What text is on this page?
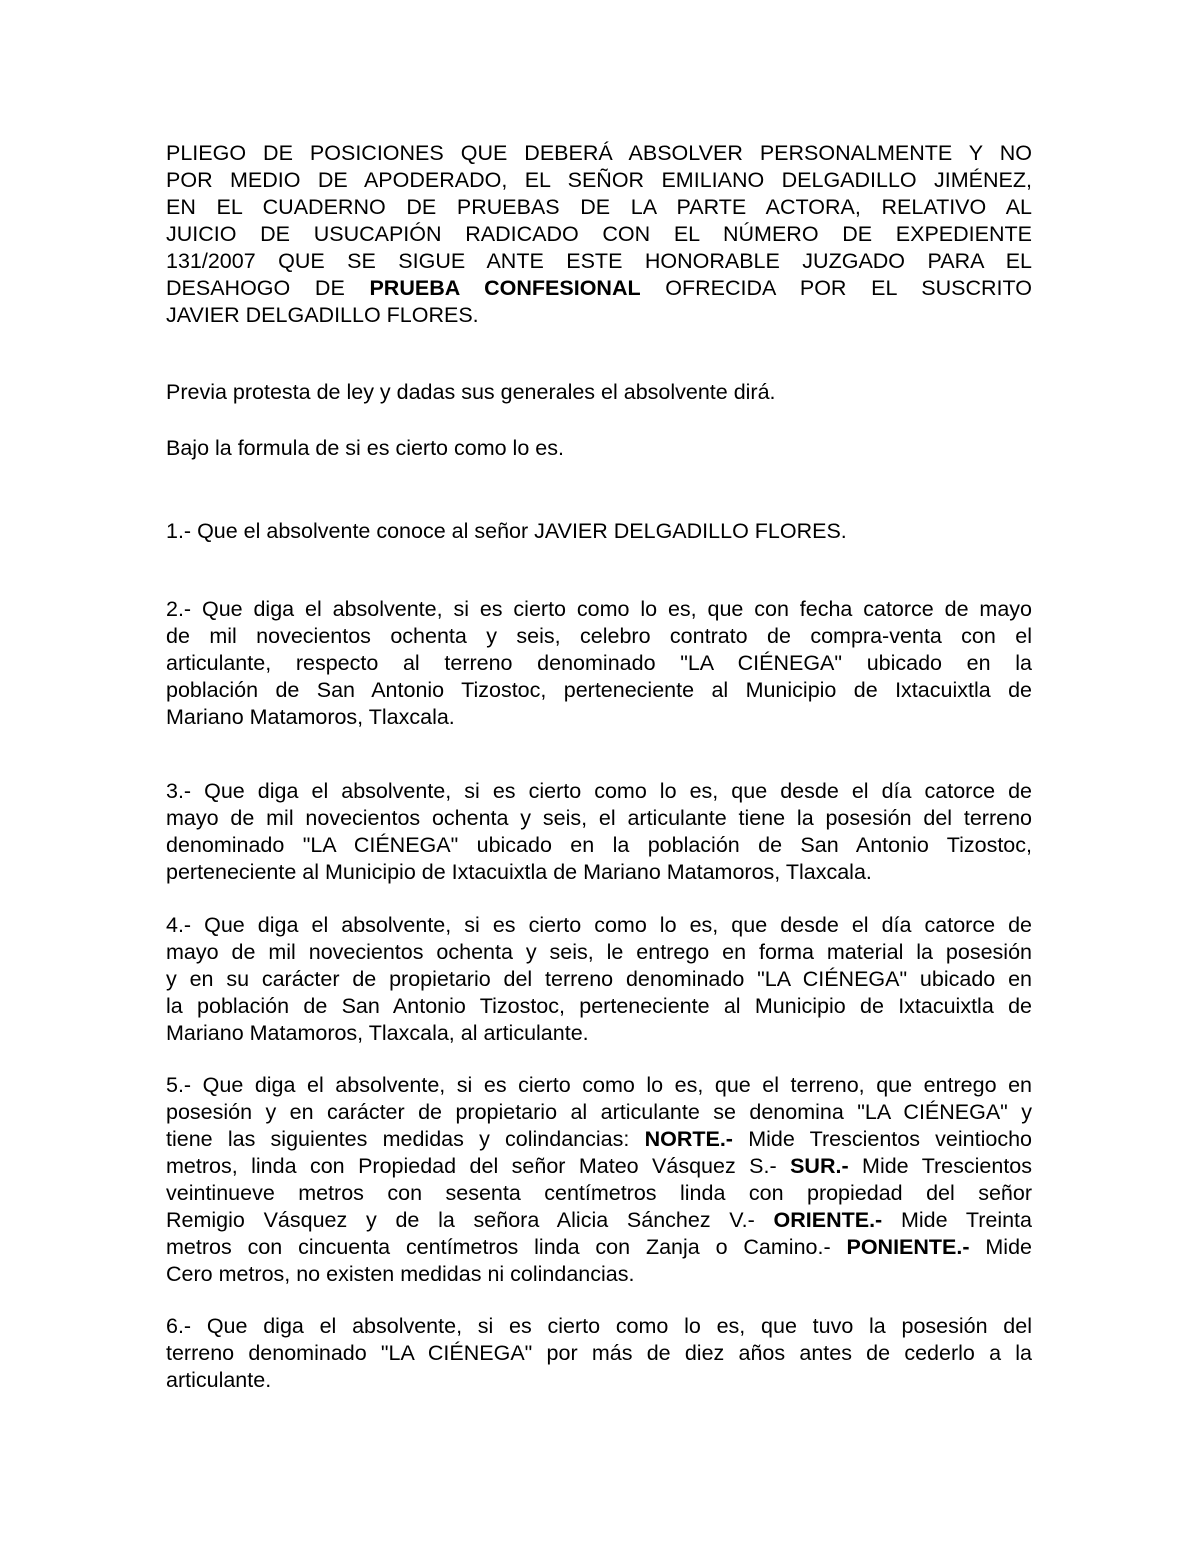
PLIEGO DE POSICIONES QUE DEBERÁ ABSOLVER PERSONALMENTE Y NO
POR MEDIO DE APODERADO, EL SEÑOR EMILIANO DELGADILLO JIMÉNEZ,
EN EL CUADERNO DE PRUEBAS DE LA PARTE ACTORA, RELATIVO AL
JUICIO DE USUCAPIÓN RADICADO CON EL NÚMERO DE EXPEDIENTE
131/2007 QUE SE SIGUE ANTE ESTE HONORABLE JUZGADO PARA EL
DESAHOGO DE PRUEBA CONFESIONAL OFRECIDA POR EL SUSCRITO
JAVIER DELGADILLO FLORES.

Previa protesta de ley y dadas sus generales el absolvente dirá.

Bajo la formula de si es cierto como lo es.

1.- Que el absolvente conoce al señor JAVIER DELGADILLO FLORES.

2.- Que diga el absolvente, si es cierto como lo es, que con fecha catorce de mayo
de mil novecientos ochenta y seis, celebro contrato de compra-venta con el
articulante, respecto al terreno denominado "LA CIÉNEGA" ubicado en la
población de San Antonio Tizostoc, perteneciente al Municipio de Ixtacuixtla de
Mariano Matamoros, Tlaxcala.

3.- Que diga el absolvente, si es cierto como lo es, que desde el día catorce de
mayo de mil novecientos ochenta y seis, el articulante tiene la posesión del terreno
denominado "LA CIÉNEGA" ubicado en la población de San Antonio Tizostoc,
perteneciente al Municipio de Ixtacuixtla de Mariano Matamoros, Tlaxcala.

4.- Que diga el absolvente, si es cierto como lo es, que desde el día catorce de
mayo de mil novecientos ochenta y seis, le entrego en forma material la posesión
y en su carácter de propietario del terreno denominado "LA CIÉNEGA" ubicado en
la población de San Antonio Tizostoc, perteneciente al Municipio de Ixtacuixtla de
Mariano Matamoros, Tlaxcala, al articulante.

5.- Que diga el absolvente, si es cierto como lo es, que el terreno, que entrego en
posesión y en carácter de propietario al articulante se denomina "LA CIÉNEGA" y
tiene las siguientes medidas y colindancias: NORTE.- Mide Trescientos veintiocho
metros, linda con Propiedad del señor Mateo Vásquez S.- SUR.- Mide Trescientos
veintinueve metros con sesenta centímetros linda con propiedad del señor
Remigio Vásquez y de la señora Alicia Sánchez V.- ORIENTE.- Mide Treinta
metros con cincuenta centímetros linda con Zanja o Camino.- PONIENTE.- Mide
Cero metros, no existen medidas ni colindancias.

6.- Que diga el absolvente, si es cierto como lo es, que tuvo la posesión del
terreno denominado "LA CIÉNEGA" por más de diez años antes de cederlo a la
articulante.
